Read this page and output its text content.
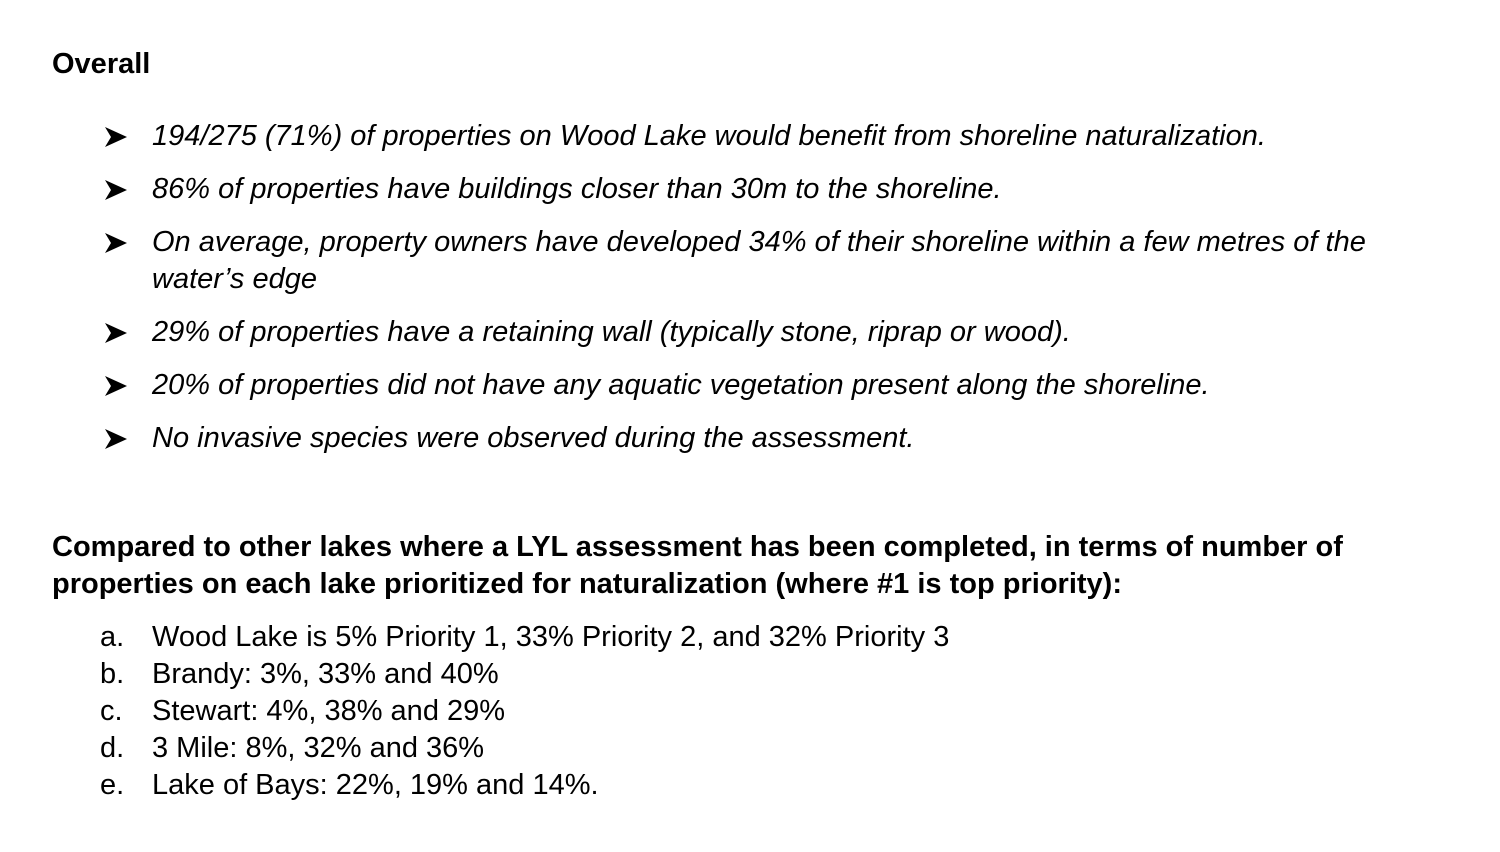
Overall
194/275 (71%) of properties on Wood Lake would benefit from shoreline naturalization.
86% of properties have buildings closer than 30m to the shoreline.
On average, property owners have developed 34% of their shoreline within a few metres of the water’s edge
29% of properties have a retaining wall (typically stone, riprap or wood).
20% of properties did not have any aquatic vegetation present along the shoreline.
No invasive species were observed during the assessment.
Compared to other lakes where a LYL assessment has been completed, in terms of number of properties on each lake prioritized for naturalization (where #1 is top priority):
a. Wood Lake is 5% Priority 1, 33% Priority 2, and 32% Priority 3
b. Brandy: 3%, 33% and 40%
c. Stewart: 4%, 38% and 29%
d. 3 Mile: 8%, 32% and 36%
e. Lake of Bays: 22%, 19% and 14%.
